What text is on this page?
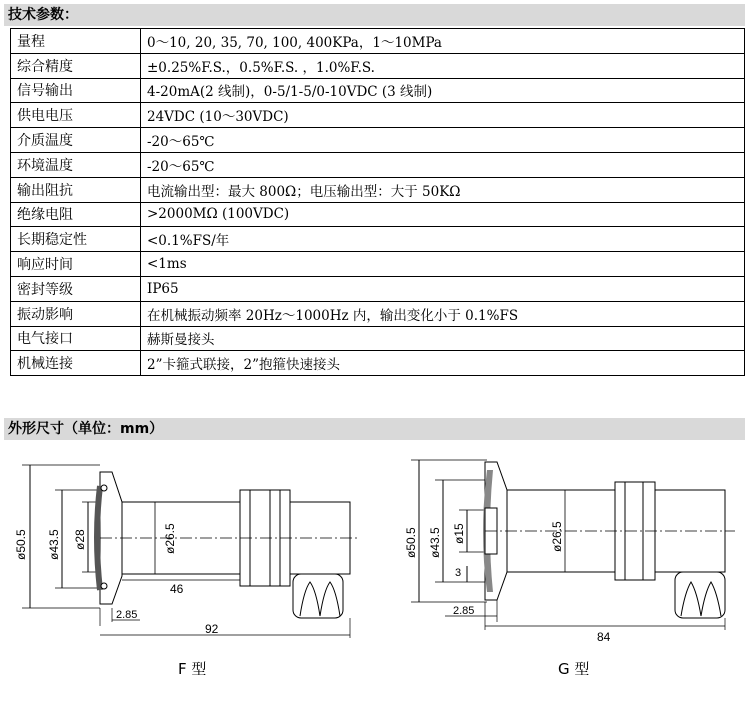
技术参数：
量程	0～10, 20, 35, 70, 100, 400KPa，1～10MPa
综合精度	±0.25%F.S.，0.5%F.S. ，1.0%F.S.
信号输出	4-20mA(2 线制)，0-5/1-5/0-10VDC (3 线制)
供电电压	24VDC (10～30VDC)
介质温度	-20～65℃
环境温度	-20～65℃
输出阻抗	电流输出型：最大 800Ω；电压输出型：大于 50KΩ
绝缘电阻	>2000MΩ (100VDC)
长期稳定性	<0.1%FS/年
响应时间	<1ms
密封等级	IP65
振动影响	在机械振动频率 20Hz～1000Hz 内，输出变化小于 0.1%FS
电气接口	赫斯曼接头
机械连接	2”卡箍式联接，2”抱箍快速接头
外形尺寸（单位：mm）
ø50.5 ø43.5 ø28	ø26.5
46
2.85
92
ø50.5 ø43.5 ø15
3
ø26.5
2.85
84
F 型	G 型
